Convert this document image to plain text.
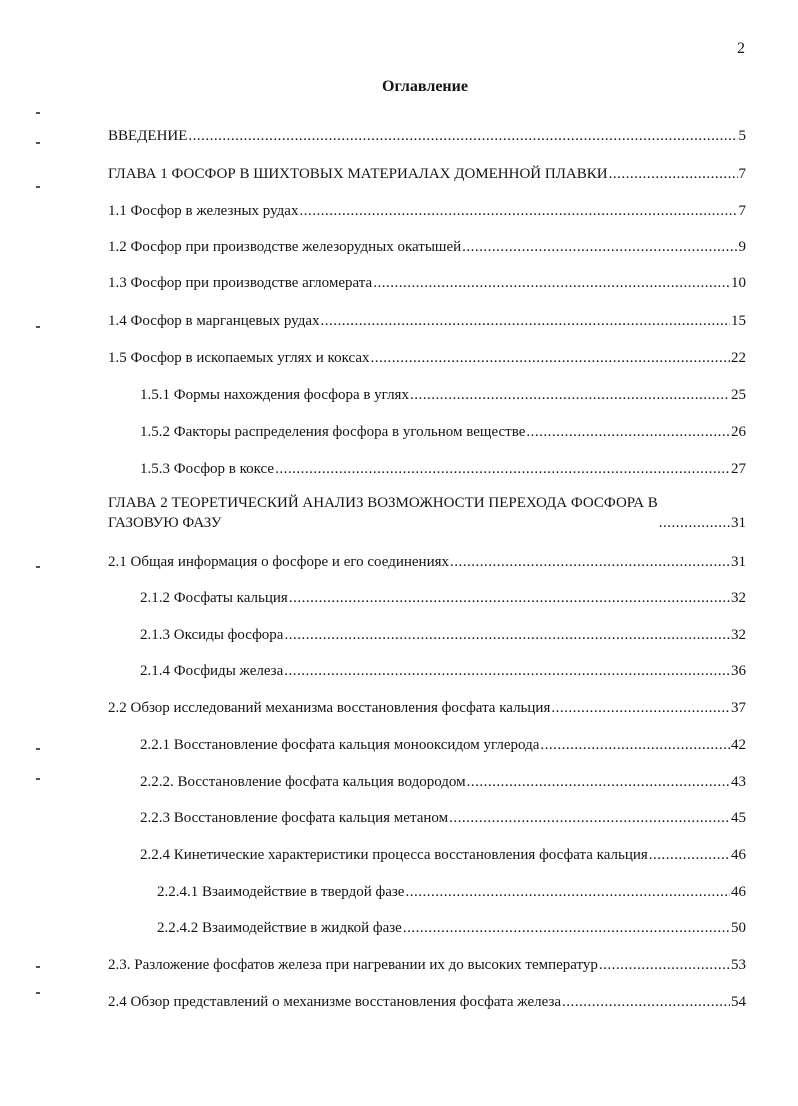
2
Оглавление
ВВЕДЕНИЕ .....	5
ГЛАВА 1 ФОСФОР В ШИХТОВЫХ МАТЕРИАЛАХ ДОМЕННОЙ ПЛАВКИ .....	7
1.1 Фосфор в железных рудах .....	7
1.2 Фосфор при производстве железорудных окатышей .....	9
1.3 Фосфор при производстве агломерата .....	10
1.4 Фосфор в марганцевых рудах .....	15
1.5 Фосфор в ископаемых углях и коксах .....	22
1.5.1 Формы нахождения фосфора в углях .....	25
1.5.2 Факторы распределения фосфора в угольном веществе .....	26
1.5.3 Фосфор в коксе .....	27
ГЛАВА 2 ТЕОРЕТИЧЕСКИЙ АНАЛИЗ ВОЗМОЖНОСТИ ПЕРЕХОДА ФОСФОРА В
ГАЗОВУЮ ФАЗУ .....	31
2.1 Общая информация о фосфоре и его соединениях .....	31
2.1.2 Фосфаты кальция .....	32
2.1.3 Оксиды фосфора .....	32
2.1.4 Фосфиды железа .....	36
2.2 Обзор исследований механизма восстановления фосфата кальция .....	37
2.2.1 Восстановление фосфата кальция монооксидом углерода .....	42
2.2.2. Восстановление фосфата кальция водородом .....	43
2.2.3 Восстановление фосфата кальция метаном .....	45
2.2.4 Кинетические характеристики процесса восстановления фосфата кальция .....	46
2.2.4.1 Взаимодействие в твердой фазе .....	46
2.2.4.2 Взаимодействие в жидкой фазе .....	50
2.3. Разложение фосфатов железа при нагревании их до высоких температур .....	53
2.4 Обзор представлений о механизме восстановления фосфата железа .....	54
